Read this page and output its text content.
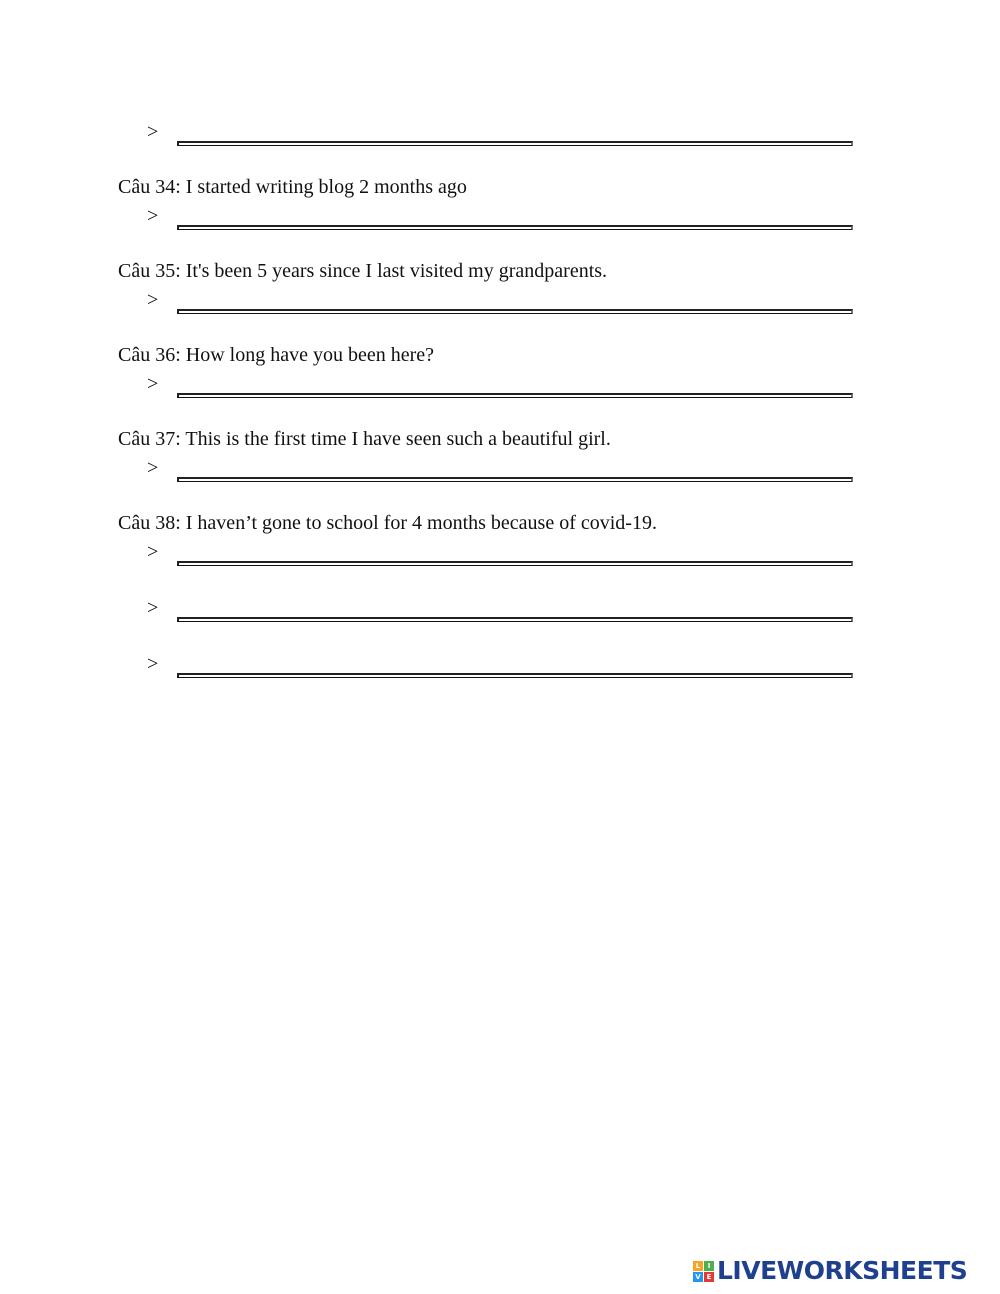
>
Câu 34: I started writing blog 2 months ago
>
Câu 35: It's been 5 years since I last visited my grandparents.
>
Câu 36: How long have you been here?
>
Câu 37: This is the first time I have seen such a beautiful girl.
>
Câu 38: I haven’t gone to school for 4 months because of covid-19.
>
>
>
L	I
V E LIVEWORKSHEETS
